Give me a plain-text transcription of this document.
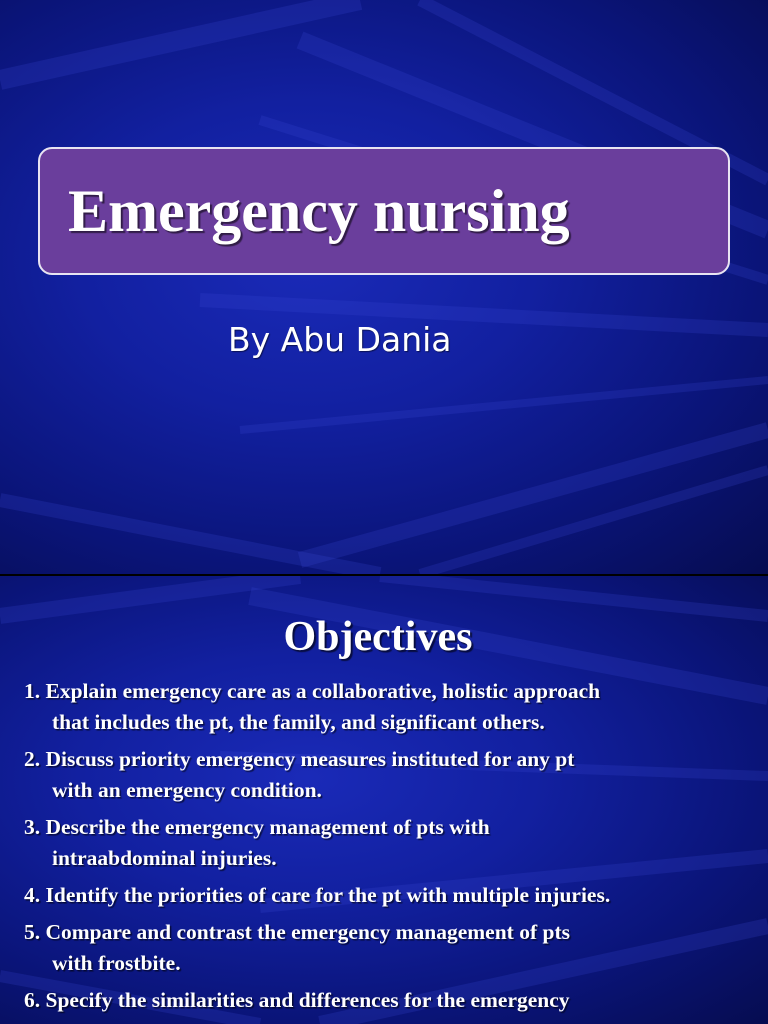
Emergency nursing
By Abu Dania
Objectives
1. Explain emergency care as a collaborative, holistic approach
that includes the pt, the family, and significant others.
2. Discuss priority emergency measures instituted for any pt
with an emergency condition.
3. Describe the emergency management of pts with
intraabdominal injuries.
4. Identify the priorities of care for the pt with multiple injuries.
5. Compare and contrast the emergency management of pts
with frostbite.
6. Specify the similarities and differences for the emergency
